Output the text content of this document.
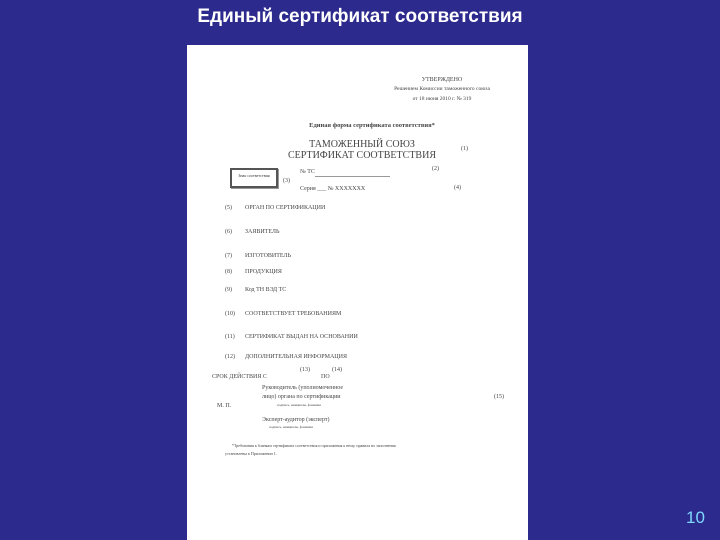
Единый сертификат соответствия
УТВЕРЖДЕНО
Решением Комиссии таможенного союза
от 18 июня 2010 г. № 319
Единая форма сертификата соответствия*
ТАМОЖЕННЫЙ СОЮЗ
СЕРТИФИКАТ СООТВЕТСТВИЯ
(1)
Знак соответствия
(3)
№ ТС	(2)
Серия ___ № XXXXXXX	(4)
(5) ОРГАН ПО СЕРТИФИКАЦИИ
(6) ЗАЯВИТЕЛЬ
(7) ИЗГОТОВИТЕЛЬ
(8) ПРОДУКЦИЯ
(9) Код ТН ВЭД ТС
(10) СООТВЕТСТВУЕТ ТРЕБОВАНИЯМ
(11) СЕРТИФИКАТ ВЫДАН НА ОСНОВАНИИ
(12) ДОПОЛНИТЕЛЬНАЯ ИНФОРМАЦИЯ
СРОК ДЕЙСТВИЯ С
(13)
ПО
(14)
Руководитель (уполномоченное
лицо) органа по сертификации
подпись, инициалы, фамилия
(15)
М. П.
Эксперт-аудитор (эксперт)
подпись, инициалы, фамилия
*Требования к бланкам сертификата соответствия и приложения к нему, правила их заполнения
установлены в Приложении 1.
10
